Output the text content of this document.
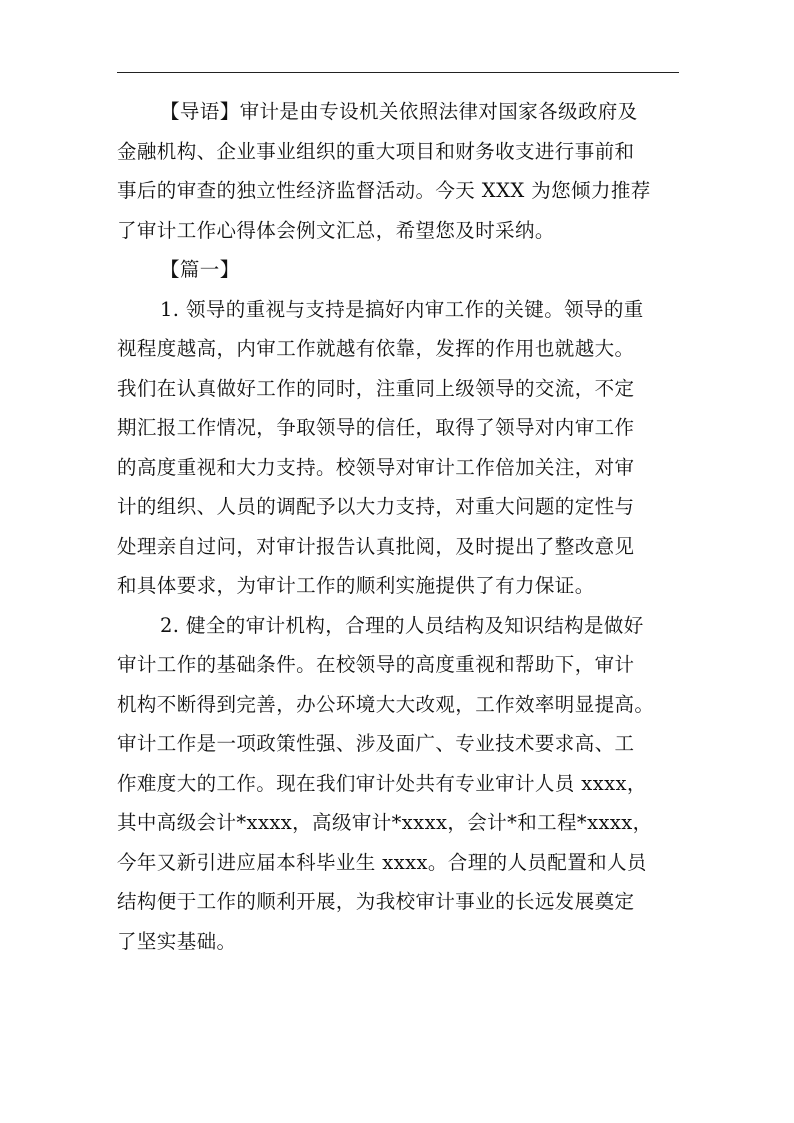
【导语】审计是由专设机关依照法律对国家各级政府及
金融机构、企业事业组织的重大项目和财务收支进行事前和
事后的审查的独立性经济监督活动。今天 XXX 为您倾力推荐
了审计工作心得体会例文汇总，希望您及时采纳。
【篇一】
1. 领导的重视与支持是搞好内审工作的关键。领导的重
视程度越高，内审工作就越有依靠，发挥的作用也就越大。
我们在认真做好工作的同时，注重同上级领导的交流，不定
期汇报工作情况，争取领导的信任，取得了领导对内审工作
的高度重视和大力支持。校领导对审计工作倍加关注，对审
计的组织、人员的调配予以大力支持，对重大问题的定性与
处理亲自过问，对审计报告认真批阅，及时提出了整改意见
和具体要求，为审计工作的顺利实施提供了有力保证。
2. 健全的审计机构，合理的人员结构及知识结构是做好
审计工作的基础条件。在校领导的高度重视和帮助下，审计
机构不断得到完善，办公环境大大改观，工作效率明显提高。
审计工作是一项政策性强、涉及面广、专业技术要求高、工
作难度大的工作。现在我们审计处共有专业审计人员 xxxx，
其中高级会计*xxxx，高级审计*xxxx，会计*和工程*xxxx，
今年又新引进应届本科毕业生 xxxx。合理的人员配置和人员
结构便于工作的顺利开展，为我校审计事业的长远发展奠定
了坚实基础。
